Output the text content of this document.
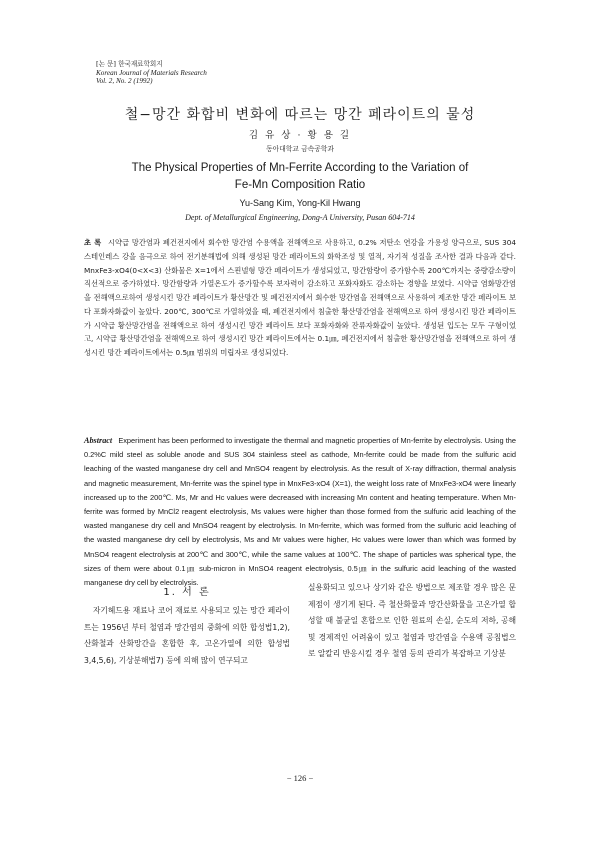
[논 문] 한국재료학회지
Korean Journal of Materials Research
Vol. 2, No. 2 (1992)
철−망간 화합비 변화에 따르는 망간 페라이트의 물성
김 유 상 · 황 용 길
동아대학교 금속공학과
The Physical Properties of Mn-Ferrite According to the Variation of
Fe-Mn Composition Ratio
Yu-Sang Kim, Yong-Kil Hwang
Dept. of Metallurgical Engineering, Dong-A University, Pusan 604-714
초 록 시약급 망간염과 폐건전지에서 회수한 망간염 수용액을 전해액으로 사용하고, 0.2% 저탄소 연강을 가용성 양극으로, SUS 304 스테인레스 강을 음극으로 하여 전기분해법에 의해 생성된 망간 페라이트의 화학조성 및 열적, 자기적 성질을 조사한 결과 다음과 같다. MnxFe3-xO4(0<X<3) 산화물은 X=1에서 스핀넬형 망간 페라이트가 생성되었고, 망간함량이 증가함수록 200℃까지는 중량감소량이 직선적으로 증가하였다. 망간함량과 가열온도가 증가할수록 보자력이 감소하고 포화자화도 감소하는 경향을 보였다. 시약급 염화망간염을 전해액으로하여 생성시킨 망간 페라이트가 황산망간 및 폐건전지에서 회수한 망간염을 전해액으로 사용하여 제조한 망간 페라이트 보다 포화자화값이 높았다. 200℃, 300℃로 가열하였을 때, 폐건전지에서 침출한 황산망간염을 전해액으로 하여 생성시킨 망간 페라이트가 시약급 황산망간염을 전해액으로 하여 생성시킨 망간 페라이트 보다 포화자화와 잔류자화값이 높았다. 생성된 입도는 모두 구형이었고, 시약급 황산망간염을 전해액으로 하여 생성시킨 망간 페라이트에서는 0.1㎛, 폐건전지에서 침출한 황산망간염을 전해액으로 하여 생성시킨 망간 페라이트에서는 0.5㎛ 범위의 미립자로 생성되었다.
Abstract Experiment has been performed to investigate the thermal and magnetic properties of Mn-ferrite by electrolysis. Using the 0.2%C mild steel as soluble anode and SUS 304 stainless steel as cathode, Mn-ferrite could be made from the sulfuric acid leaching of the wasted manganese dry cell and MnSO4 reagent by electrolysis. As the result of X-ray diffraction, thermal analysis and magnetic measurement, Mn-ferrite was the spinel type in MnxFe3-xO4 (X=1), the weight loss rate of MnxFe3-xO4 were linearly increased up to the 200℃. Ms, Mr and Hc values were decreased with increasing Mn content and heating temperature. When Mn-ferrite was formed by MnCl2 reagent electrolysis, Ms values were higher than those formed from the sulfuric acid leaching of the wasted manganese dry cell and MnSO4 reagent by electrolysis. In Mn-ferrite, which was formed from the sulfuric acid leaching of the wasted manganese dry cell by electrolysis, Ms and Mr values were higher, Hc values were lower than which was formed by MnSO4 reagent electrolysis at 200℃ and 300℃, while the same values at 100℃. The shape of particles was spherical type, the sizes of them were about 0.1㎛ sub-micron in MnSO4 reagent electrolysis, 0.5㎛ in the sulfuric acid leaching of the wasted manganese dry cell by electrolysis.
1. 서 론
자기헤드용 재료나 코어 재료로 사용되고 있는 망간 페라이트는 1956년 부터 철염과 망간염의 중화에 의한 합성법1,2), 산화철과 산화망간을 혼합한 후, 고온가열에 의한 합성법3,4,5,6), 기상분해법7) 등에 의해 많이 연구되고
실용화되고 있으나 상기와 같은 방법으로 제조할 경우 많은 문제점이 생기게 된다. 즉 철산화물과 망간산화물을 고온가열 합성할 때 불균일 혼합으로 인한 원료의 손실, 순도의 저하, 공해 및 경제적인 어려움이 있고 철염과 망간염을 수용액 공침법으로 알칼리 반응시킬 경우 철염 등의 관리가 복잡하고 기상분
− 126 −
